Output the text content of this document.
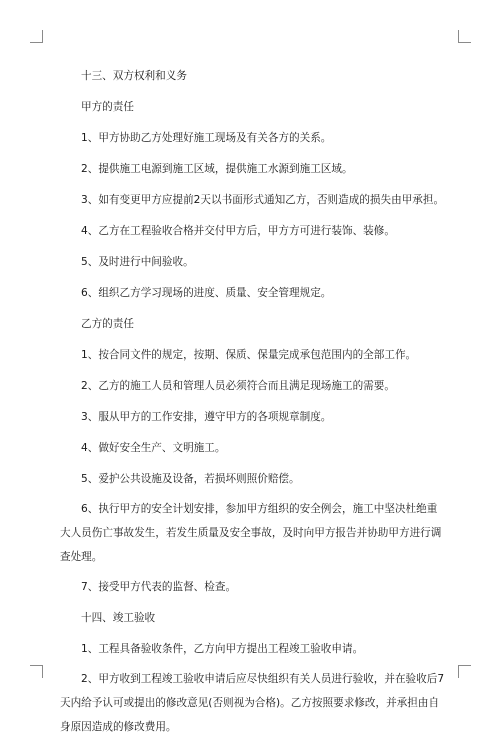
十三、双方权利和义务

甲方的责任

1、甲方协助乙方处理好施工现场及有关各方的关系。

2、提供施工电源到施工区域，提供施工水源到施工区域。

3、如有变更甲方应提前2天以书面形式通知乙方，否则造成的损失由甲承担。

4、乙方在工程验收合格并交付甲方后，甲方方可进行装饰、装修。

5、及时进行中间验收。

6、组织乙方学习现场的进度、质量、安全管理规定。

乙方的责任

1、按合同文件的规定，按期、保质、保量完成承包范围内的全部工作。

2、乙方的施工人员和管理人员必须符合而且满足现场施工的需要。

3、服从甲方的工作安排，遵守甲方的各项规章制度。

4、做好安全生产、文明施工。

5、爱护公共设施及设备，若损坏则照价赔偿。

6、执行甲方的安全计划安排，参加甲方组织的安全例会，施工中坚决杜绝重大人员伤亡事故发生，若发生质量及安全事故，及时向甲方报告并协助甲方进行调查处理。

7、接受甲方代表的监督、检查。

十四、竣工验收

1、工程具备验收条件，乙方向甲方提出工程竣工验收申请。

2、甲方收到工程竣工验收申请后应尽快组织有关人员进行验收，并在验收后7天内给予认可或提出的修改意见(否则视为合格)。乙方按照要求修改，并承担由自身原因造成的修改费用。
